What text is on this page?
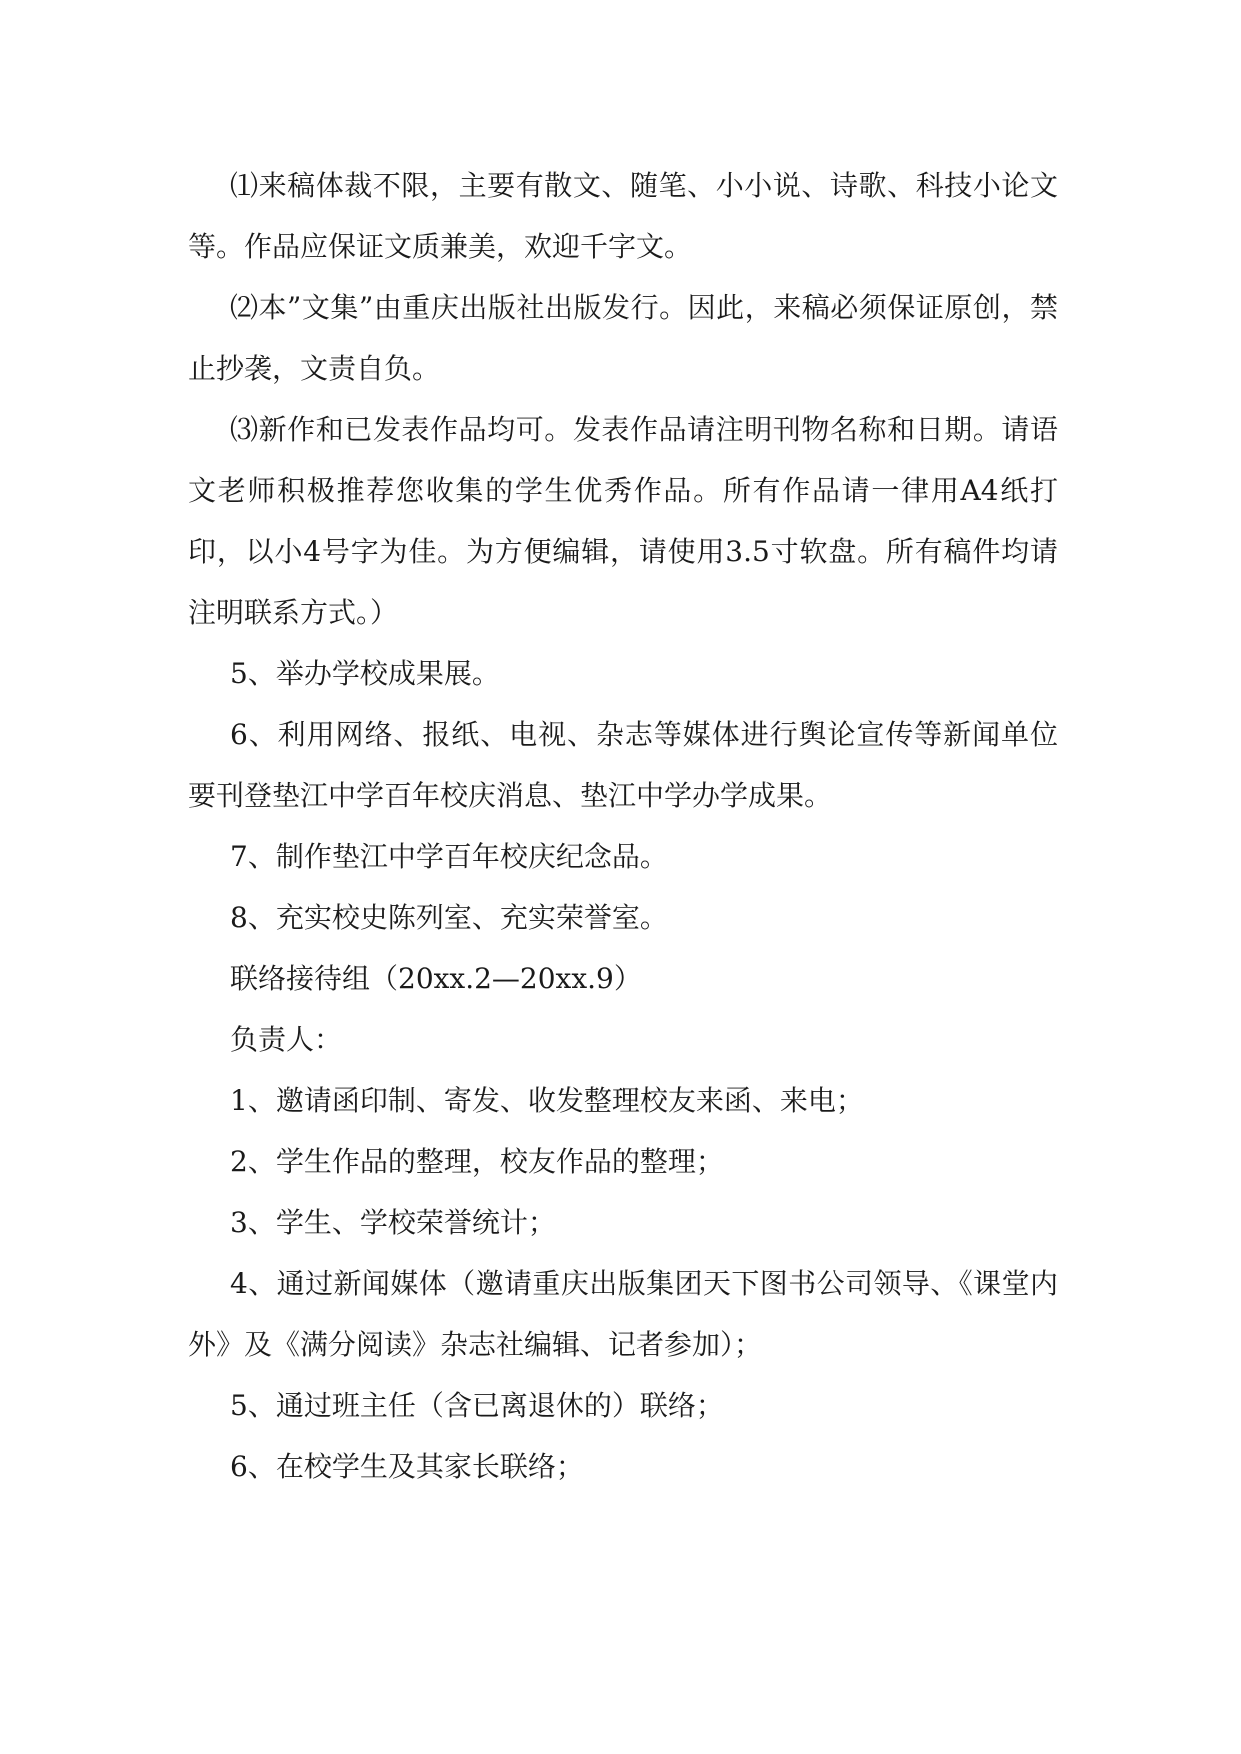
⑴来稿体裁不限，主要有散文、随笔、小小说、诗歌、科技小论文等。作品应保证文质兼美，欢迎千字文。

⑵本”文集”由重庆出版社出版发行。因此，来稿必须保证原创，禁止抄袭，文责自负。

⑶新作和已发表作品均可。发表作品请注明刊物名称和日期。请语文老师积极推荐您收集的学生优秀作品。所有作品请一律用A4纸打印，以小4号字为佳。为方便编辑，请使用3.5寸软盘。所有稿件均请注明联系方式。）

5、举办学校成果展。

6、利用网络、报纸、电视、杂志等媒体进行舆论宣传等新闻单位要刊登垫江中学百年校庆消息、垫江中学办学成果。

7、制作垫江中学百年校庆纪念品。

8、充实校史陈列室、充实荣誉室。

联络接待组（20xx.2—20xx.9）

负责人：

1、邀请函印制、寄发、收发整理校友来函、来电；

2、学生作品的整理，校友作品的整理；

3、学生、学校荣誉统计；

4、通过新闻媒体（邀请重庆出版集团天下图书公司领导、《课堂内外》及《满分阅读》杂志社编辑、记者参加）；

5、通过班主任（含已离退休的）联络；

6、在校学生及其家长联络；
